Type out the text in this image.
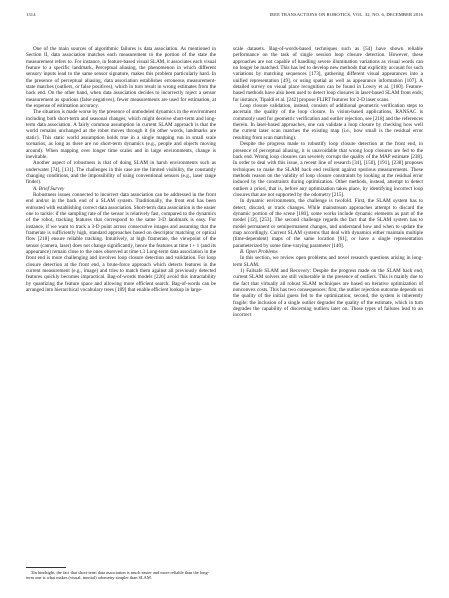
1314	IEEE TRANSACTIONS ON ROBOTICS, VOL. 32, NO. 6, DECEMBER 2016

One of the main sources of algorithmic failures is data association. As mentioned in Section II, data association matches each measurement to the portion of the state the measurement refers to. For instance, in feature-based visual SLAM, it associates each visual feature to a specific landmark. Perceptual aliasing, the phenomenon in which different sensory inputs lead to the same sensor signature, makes this problem particularly hard. In the presence of perceptual aliasing, data association establishes erroneous measurement-state matches (outliers, or false positives), which in turn result in wrong estimates from the back end. On the other hand, when data association decides to incorrectly reject a sensor measurement as spurious (false negatives), fewer measurements are used for estimation, at the expense of estimation accuracy.

The situation is made worse by the presence of unmodeled dynamics in the environment including both short-term and seasonal changes, which might deceive short-term and long-term data association. A fairly common assumption in current SLAM approach is that the world remains unchanged as the robot moves through it (in other words, landmarks are static). This static world assumption holds true in a single mapping run in small scale scenarios, as long as there are no short-term dynamics (e.g., people and objects moving around). When mapping over longer time scales and in large environments, change is inevitable.

Another aspect of robustness is that of doing SLAM in harsh environments such as underwater [74], [131]. The challenges in this case are the limited visibility, the constantly changing conditions, and the impossibility of using conventional sensors (e.g., laser range finder).

A. Brief Survey

Robustness issues connected to incorrect data association can be addressed in the front end and/or in the back end of a SLAM system. Traditionally, the front end has been entrusted with establishing correct data association. Short-term data association is the easier one to tackle: if the sampling rate of the sensor is relatively fast, compared to the dynamics of the robot, tracking features that correspond to the same 3-D landmark is easy. For instance, if we want to track a 3-D point across consecutive images and assuming that the framerate is sufficiently high, standard approaches based on descriptor matching or optical flow [218] ensure reliable tracking. Intuitively, at high framerate, the viewpoint of the sensor (camera, laser) does not change significantly, hence the features at time t + 1 (and its appearance) remain close to the ones observed at time t.3 Long-term data association in the front end is more challenging and involves loop closure detection and validation. For loop closure detection at the front end, a brute-force approach which detects features in the current measurement (e.g., image) and tries to match them against all previously detected features quickly becomes impractical. Bag-of-words models [226] avoid this intractability by quantizing the feature space and allowing more efficient search. Bag-of-words can be arranged into hierarchical vocabulary trees [189] that enable efficient lookup in large-

3In hindsight, the fact that short-term data association is much easier and more reliable than the long-term one is what makes (visual, inertial) odometry simpler than SLAM.

scale datasets. Bag-of-words-based techniques such as [54] have shown reliable performance on the task of single session loop closure detection. However, these approaches are not capable of handling severe illumination variations as visual words can no longer be matched. This has led to develop new methods that explicitly account for such variations by matching sequences [173], gathering different visual appearances into a unified representation [49], or using spatial as well as appearance information [107]. A detailed survey on visual place recognition can be found in Lowry et al. [160]. Feature-based methods have also been used to detect loop closures in laser-based SLAM front ends; for instance, Tipaldi et al. [242] propose FLIRT features for 2-D laser scans.

Loop closure validation, instead, consists of additional geometric verification steps to ascertain the quality of the loop closure. In vision-based applications, RANSAC is commonly used for geometric verification and outlier rejection, see [218] and the references therein. In laser-based approaches, one can validate a loop closure by checking how well the current laser scan matches the existing map (i.e., how small is the residual error resulting from scan matching).

Despite the progress made to robustify loop closure detection at the front end, in presence of perceptual aliasing, it is unavoidable that wrong loop closures are fed to the back end. Wrong loop closures can severely corrupt the quality of the MAP estimate [238]. In order to deal with this issue, a recent line of research [34], [150], [191], [238] proposes techniques to make the SLAM back end resilient against spurious measurements. These methods reason on the validity of loop closure constraints by looking at the residual error induced by the constraints during optimization. Other methods, instead, attempt to detect outliers a priori, that is, before any optimization takes place, by identifying incorrect loop closures that are not supported by the odometry [215].

In dynamic environments, the challenge is twofold. First, the SLAM system has to detect, discard, or track changes. While mainstream approaches attempt to discard the dynamic portion of the scene [180], some works include dynamic elements as part of the model [12], [253]. The second challenge regards the fact that the SLAM system has to model permanent or semipermanent changes, and understand how and when to update the map accordingly. Current SLAM systems that deal with dynamics either maintain multiple (time-dependent) maps of the same location [61], or have a single representation parameterized by some time-varying parameter [140].

B. Open Problems

In this section, we review open problems and novel research questions arising in long-term SLAM.

1) Failsafe SLAM and Recovery: Despite the progress made on the SLAM back end, current SLAM solvers are still vulnerable in the presence of outliers. This is mainly due to the fact that virtually all robust SLAM techniques are based on iterative optimization of nonconvex costs. This has two consequences: first, the outlier rejection outcome depends on the quality of the initial guess fed to the optimization; second, the system is inherently fragile: the inclusion of a single outlier degrades the quality of the estimate, which in turn degrades the capability of discerning outliers later on. These types of failures lead to an incorrect
